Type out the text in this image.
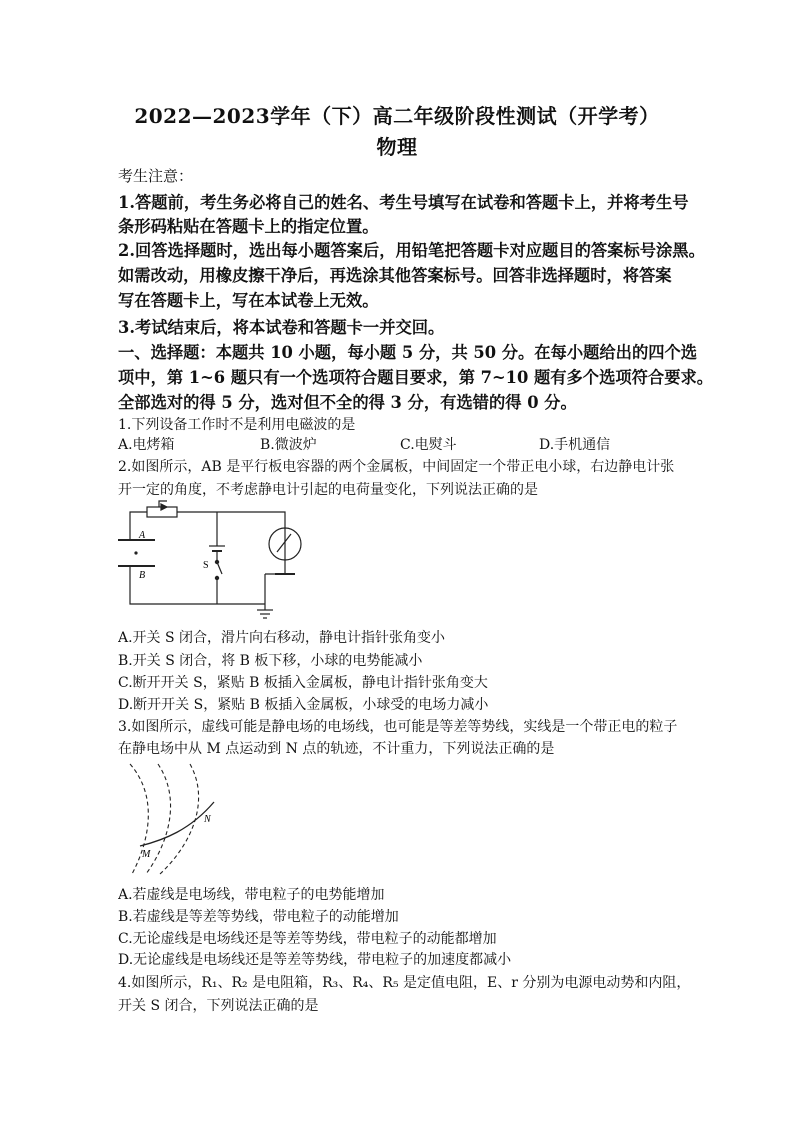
2022—2023学年（下）高二年级阶段性测试（开学考）
物理
考生注意：
1.答题前，考生务必将自己的姓名、考生号填写在试卷和答题卡上，并将考生号
条形码粘贴在答题卡上的指定位置。
2.回答选择题时，选出每小题答案后，用铅笔把答题卡对应题目的答案标号涂黑。
如需改动，用橡皮擦干净后，再选涂其他答案标号。回答非选择题时，将答案
写在答题卡上，写在本试卷上无效。
3.考试结束后，将本试卷和答题卡一并交回。
一、选择题：本题共 10 小题，每小题 5 分，共 50 分。在每小题给出的四个选
项中，第 1~6 题只有一个选项符合题目要求，第 7~10 题有多个选项符合要求。
全部选对的得 5 分，选对但不全的得 3 分，有选错的得 0 分。
1.下列设备工作时不是利用电磁波的是
A.电烤箱	B.微波炉	C.电熨斗	D.手机通信
2.如图所示，AB 是平行板电容器的两个金属板，中间固定一个带正电小球，右边静电计张
开一定的角度，不考虑静电计引起的电荷量变化，下列说法正确的是
A
B
S
A.开关 S 闭合，滑片向右移动，静电计指针张角变小
B.开关 S 闭合，将 B 板下移，小球的电势能减小
C.断开开关 S，紧贴 B 板插入金属板，静电计指针张角变大
D.断开开关 S，紧贴 B 板插入金属板，小球受的电场力减小
3.如图所示，虚线可能是静电场的电场线，也可能是等差等势线，实线是一个带正电的粒子
在静电场中从 M 点运动到 N 点的轨迹，不计重力，下列说法正确的是
M
N
A.若虚线是电场线，带电粒子的电势能增加
B.若虚线是等差等势线，带电粒子的动能增加
C.无论虚线是电场线还是等差等势线，带电粒子的动能都增加
D.无论虚线是电场线还是等差等势线，带电粒子的加速度都减小
4.如图所示，R₁、R₂ 是电阻箱，R₃、R₄、R₅ 是定值电阻，E、r 分别为电源电动势和内阻，
开关 S 闭合，下列说法正确的是
